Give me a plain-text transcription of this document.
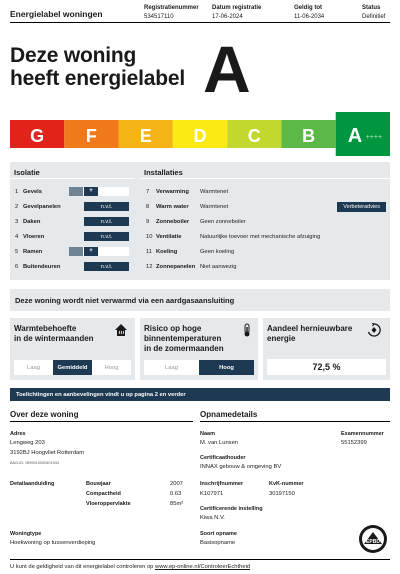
Energielabel woningen
Registratienummer
534517110
Datum registratie
17-06-2024
Geldig tot
11-06-2034
Status
Definitief
Deze woning
heeft energielabel A
G F E D C B A ++++
Isolatie	Installaties
1 Gevels	+
2 Gevelpanelen	n.v.t.
3 Daken	n.v.t.
4 Vloeren	n.v.t.
5 Ramen	+
6 Buitendeuren	n.v.t.
7	Verwarming	Warmtenet
8	Warm water	Warmtenet	Verbeteradvies
9	Zonneboiler	Geen zonneboiler
10 Ventilatie	Natuurlijke toevoer met mechanische afzuiging
11 Koeling	Geen koeling
12 Zonnepanelen Niet aanwezig
Deze woning wordt niet verwarmd via een aardgasaansluiting
Warmtebehoefte
in de wintermaanden
Laag	Gemiddeld	Hoog
Risico op hoge
binnentemperaturen
in de zomermaanden
Laag	Hoog
Aandeel hernieuwbare
energie
72,5 %
Toelichtingen en aanbevelingen vindt u op pagina 2 en verder
Over deze woning
Adres
Lengweg 203
3192BJ Hoogvliet Rotterdam
BAG-ID: 0599010000401943
Detailaanduiding	Bouwjaar	2007
Compactheid	0.63
Vloeroppervlakte	85m²
Woningtype
Hoekwoning op tussenverdieping
Opnamedetails
Naam
M. van Lunsen
Examennummer
55152399
Certificaathouder
INNAX gebouw & omgeving BV
Inschrijfnummer
K107971
KvK-nummer
30197150
Certificerende instelling
Kiwa N.V.
Soort opname
Basisopname	EPBD
U kunt de geldigheid van dit energielabel controleren op www.ep-online.nl/ControleerEchtheid
